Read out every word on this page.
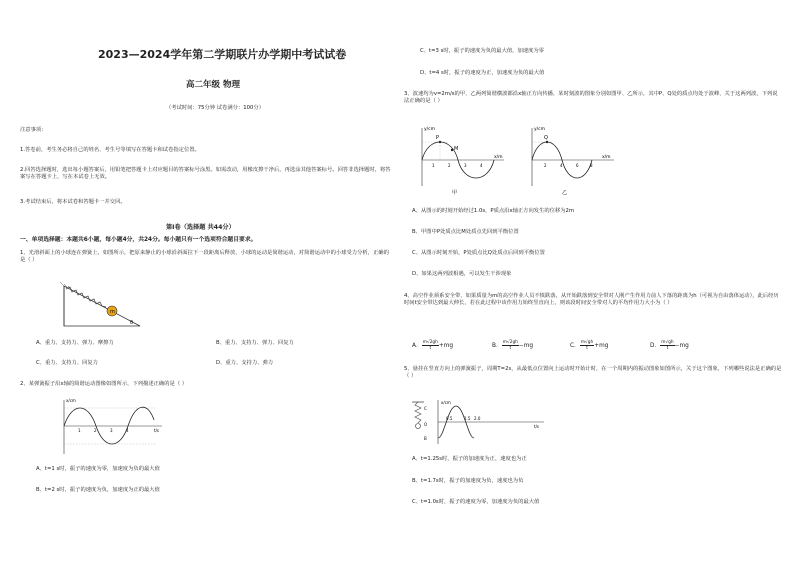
2023—2024学年第二学期联片办学期中考试试卷
高二年级 物理
（考试时间：75分钟 试卷满分：100分）
注意事项：
1.答卷前，考生务必将自己的姓名、考生号等填写在答题卡和试卷指定位置。
2.回答选择题时，选出每小题答案后，用铅笔把答题卡上对应题目的答案标号涂黑。如需改动，用橡皮擦干净后，再选涂其他答案标号。回答非选择题时，将答案写在答题卡上，写在本试卷上无效。
3.考试结束后，将本试卷和答题卡一并交回。
第Ⅰ卷（选择题 共44分）
一、单项选择题：本题共6小题，每小题4分，共24分。每小题只有一个选项符合题目要求。
1、光滑斜面上的小球连在弹簧上，如图所示，把原来静止的小球沿斜面拉下一段距离后释放，小球的运动是简谐运动，对简谐运动中的小球受力分析，正确的是（ ）
m
θ
A、重力、支持力、弹力、摩擦力	B、重力、支持力、弹力、回复力
C、重力、支持力、回复力	D、重力、支持力、弹力
2、某弹簧振子沿x轴的简谐运动图像如图所示，下列描述正确的是（ ）
x/cm
t/s
1	2	3	4
A、t=1 s时，振子的速度为零，加速度为负的最大值
B、t=2 s时，振子的速度为负，加速度为正的最大值
C、t=3 s时，振子的速度为负的最大值，加速度为零
D、t=4 s时，振子的速度为正，加速度为负的最大值
3、波速均为v=2m/s的甲、乙两列简谐横波都沿x轴正方向传播，某时刻波的图象分别如图甲、乙所示，其中P、Q处的质点均处于波峰，关于这两列波，下列说法正确的是（ ）
y/cm
x/m
P
M
1	2	3	4
甲
y/cm
x/m
Q
2	4	6	8
乙
A、从图示的时刻开始经过1.0s，P质点沿x轴正方向发生的位移为2m
B、甲图中P处质点比M处质点先回到平衡位置
C、从图示时刻开始，P处质点比Q处质点后回到平衡位置
D、如果这两列波相遇，可以发生干涉现象
4、高空作业须系安全带，如果质量为m的高空作业人员不慎跌落，从开始跌落到安全带对人刚产生作用力前人下落的距离为h（可视为自由落体运动），此后经历时间t安全带达到最大伸长，若在此过程中该作用力始终竖直向上，则该段时间安全带对人的平均作用力大小为（ ）
A． $\frac{m√2gh}{t} +mg$	B． $\frac{m√2gh}{t} -mg$	C． $\frac{m√gh}{t} +mg$	D． $\frac{m√gh}{t} -mg$
5、悬挂在竖直方向上的弹簧振子，周期T=2s，从最低点位置向上运动时开始计时，在一个周期内的振动图象如图所示，关于这个图象，下列哪些说法是正确的是（ ）
C
O
B
x/cm
t/s
0.5	1.5 2.0
A、t=1.25s时，振子的加速度为正，速度也为正
B、t=1.7s时，振子的加速度为负，速度也为负
C、t=1.0s时，振子的速度为零，加速度为负的最大值
